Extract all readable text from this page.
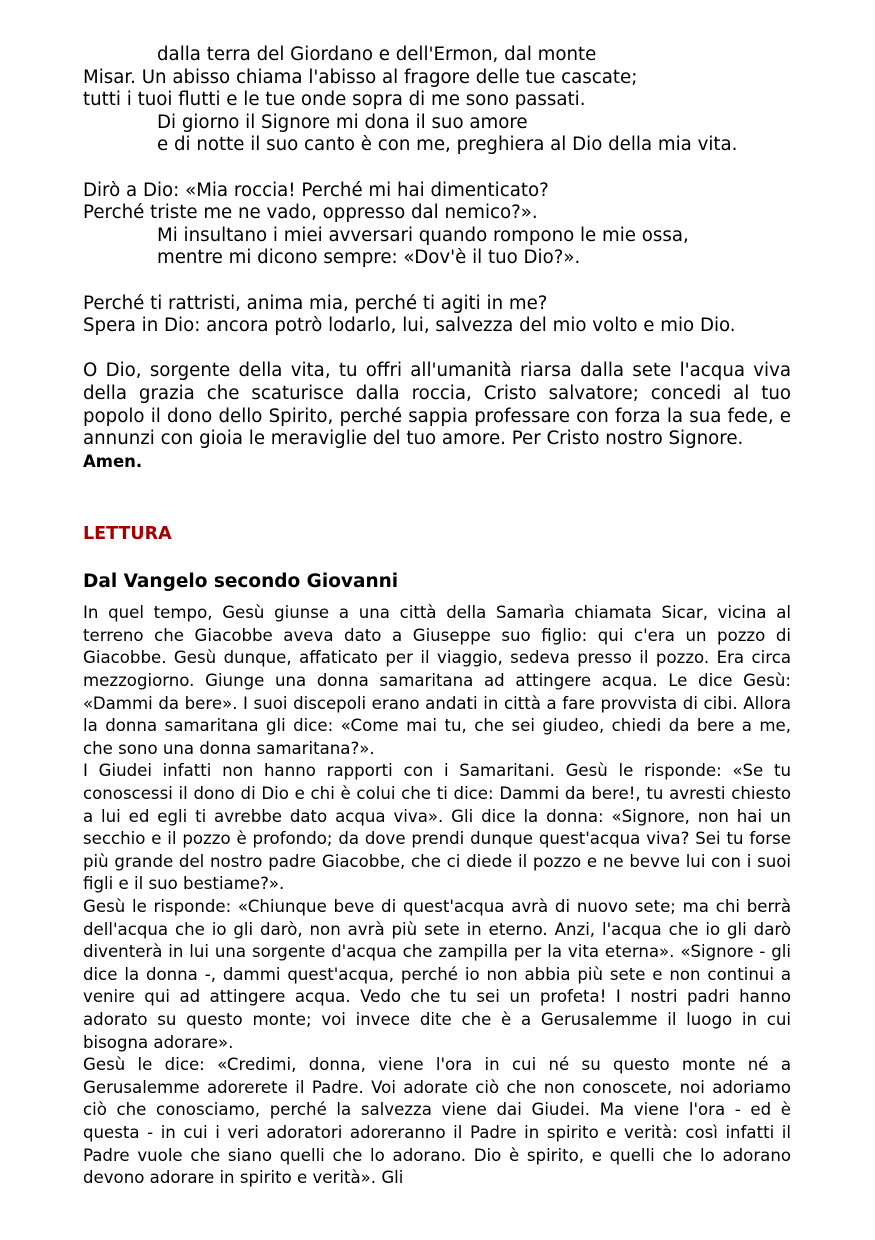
dalla terra del Giordano e dell'Ermon, dal monte
Misar. Un abisso chiama l'abisso al fragore delle tue cascate;
tutti i tuoi flutti e le tue onde sopra di me sono passati.
Di giorno il Signore mi dona il suo amore
e di notte il suo canto è con me, preghiera al Dio della mia vita.
Dirò a Dio: «Mia roccia! Perché mi hai dimenticato?
Perché triste me ne vado, oppresso dal nemico?».
Mi insultano i miei avversari quando rompono le mie ossa,
mentre mi dicono sempre: «Dov'è il tuo Dio?».
Perché ti rattristi, anima mia, perché ti agiti in me?
Spera in Dio: ancora potrò lodarlo, lui, salvezza del mio volto e mio Dio.

O Dio, sorgente della vita, tu offri all'umanità riarsa dalla sete l'acqua viva della grazia che scaturisce dalla roccia, Cristo salvatore; concedi al tuo popolo il dono dello Spirito, perché sappia professare con forza la sua fede, e annunzi con gioia le meraviglie del tuo amore. Per Cristo nostro Signore.

Amen.

LETTURA
Dal Vangelo secondo Giovanni

In quel tempo, Gesù giunse a una città della Samarìa chiamata Sicar, vicina al terreno che Giacobbe aveva dato a Giuseppe suo figlio: qui c'era un pozzo di Giacobbe. Gesù dunque, affaticato per il viaggio, sedeva presso il pozzo. Era circa mezzogiorno. Giunge una donna samaritana ad attingere acqua. Le dice Gesù: «Dammi da bere». I suoi discepoli erano andati in città a fare provvista di cibi. Allora la donna samaritana gli dice: «Come mai tu, che sei giudeo, chiedi da bere a me, che sono una donna samaritana?».

I Giudei infatti non hanno rapporti con i Samaritani. Gesù le risponde: «Se tu conoscessi il dono di Dio e chi è colui che ti dice: Dammi da bere!, tu avresti chiesto a lui ed egli ti avrebbe dato acqua viva». Gli dice la donna: «Signore, non hai un secchio e il pozzo è profondo; da dove prendi dunque quest'acqua viva? Sei tu forse più grande del nostro padre Giacobbe, che ci diede il pozzo e ne bevve lui con i suoi figli e il suo bestiame?».

Gesù le risponde: «Chiunque beve di quest'acqua avrà di nuovo sete; ma chi berrà dell'acqua che io gli darò, non avrà più sete in eterno. Anzi, l'acqua che io gli darò diventerà in lui una sorgente d'acqua che zampilla per la vita eterna». «Signore - gli dice la donna -, dammi quest'acqua, perché io non abbia più sete e non continui a venire qui ad attingere acqua. Vedo che tu sei un profeta! I nostri padri hanno adorato su questo monte; voi invece dite che è a Gerusalemme il luogo in cui bisogna adorare».

Gesù le dice: «Credimi, donna, viene l'ora in cui né su questo monte né a Gerusalemme adorerete il Padre. Voi adorate ciò che non conoscete, noi adoriamo ciò che conosciamo, perché la salvezza viene dai Giudei. Ma viene l'ora - ed è questa - in cui i veri adoratori adoreranno il Padre in spirito e verità: così infatti il Padre vuole che siano quelli che lo adorano. Dio è spirito, e quelli che lo adorano devono adorare in spirito e verità». Gli
